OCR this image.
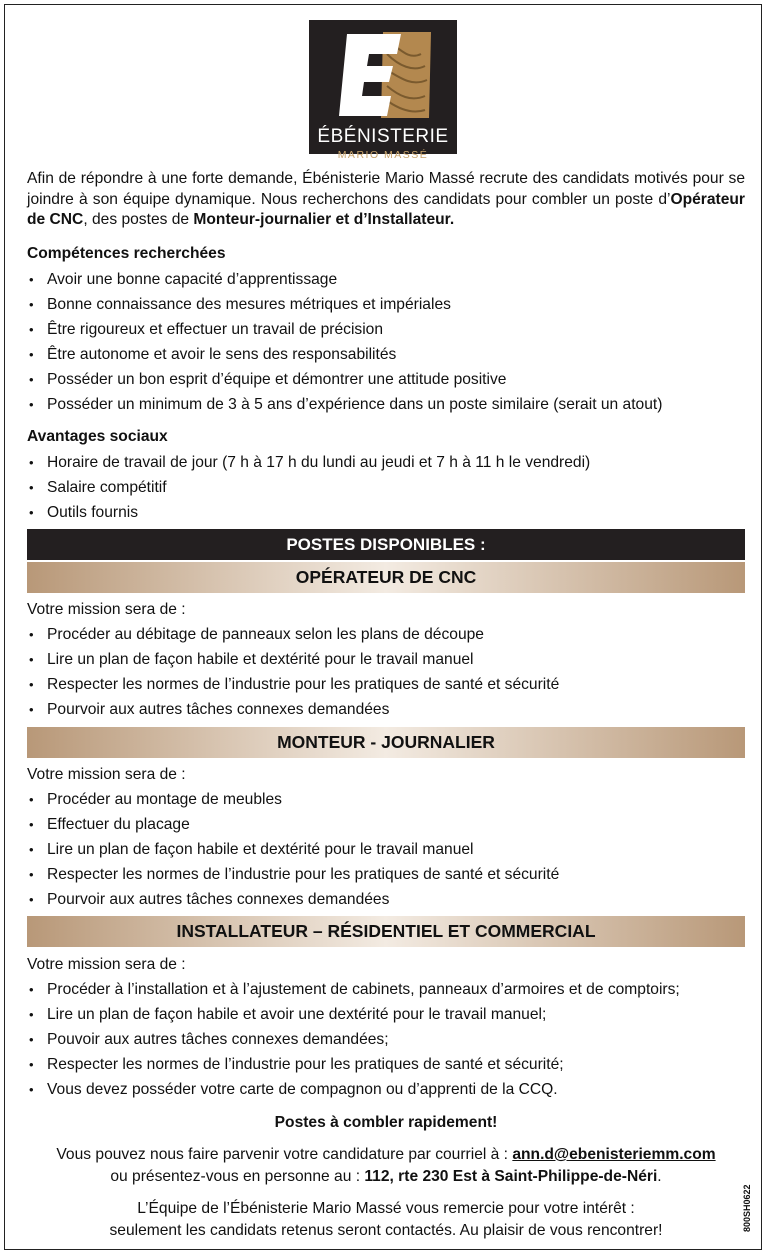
ÉBÉNISTERIE
MARIO MASSÉ
Afin de répondre à une forte demande, Ébénisterie Mario Massé recrute des candidats motivés pour se joindre à son équipe dynamique. Nous recherchons des candidats pour combler un poste d’Opérateur de CNC, des postes de Monteur-journalier et d’Installateur.
Compétences recherchées
• Avoir une bonne capacité d’apprentissage
• Bonne connaissance des mesures métriques et impériales
• Être rigoureux et effectuer un travail de précision
• Être autonome et avoir le sens des responsabilités
• Posséder un bon esprit d’équipe et démontrer une attitude positive
• Posséder un minimum de 3 à 5 ans d’expérience dans un poste similaire (serait un atout)
Avantages sociaux
• Horaire de travail de jour (7 h à 17 h du lundi au jeudi et 7 h à 11 h le vendredi)
• Salaire compétitif
• Outils fournis
POSTES DISPONIBLES :
OPÉRATEUR DE CNC
Votre mission sera de :
• Procéder au débitage de panneaux selon les plans de découpe
• Lire un plan de façon habile et dextérité pour le travail manuel
• Respecter les normes de l’industrie pour les pratiques de santé et sécurité
• Pourvoir aux autres tâches connexes demandées
MONTEUR - JOURNALIER
Votre mission sera de :
• Procéder au montage de meubles
• Effectuer du placage
• Lire un plan de façon habile et dextérité pour le travail manuel
• Respecter les normes de l’industrie pour les pratiques de santé et sécurité
• Pourvoir aux autres tâches connexes demandées
INSTALLATEUR – RÉSIDENTIEL ET COMMERCIAL
Votre mission sera de :
• Procéder à l’installation et à l’ajustement de cabinets, panneaux d’armoires et de comptoirs;
• Lire un plan de façon habile et avoir une dextérité pour le travail manuel;
• Pouvoir aux autres tâches connexes demandées;
• Respecter les normes de l’industrie pour les pratiques de santé et sécurité;
• Vous devez posséder votre carte de compagnon ou d’apprenti de la CCQ.
Postes à combler rapidement!
Vous pouvez nous faire parvenir votre candidature par courriel à : ann.d@ebenisteriemm.com
ou présentez-vous en personne au : 112, rte 230 Est à Saint-Philippe-de-Néri.
L’Équipe de l’Ébénisterie Mario Massé vous remercie pour votre intérêt :
seulement les candidats retenus seront contactés. Au plaisir de vous rencontrer!	800SH0622
